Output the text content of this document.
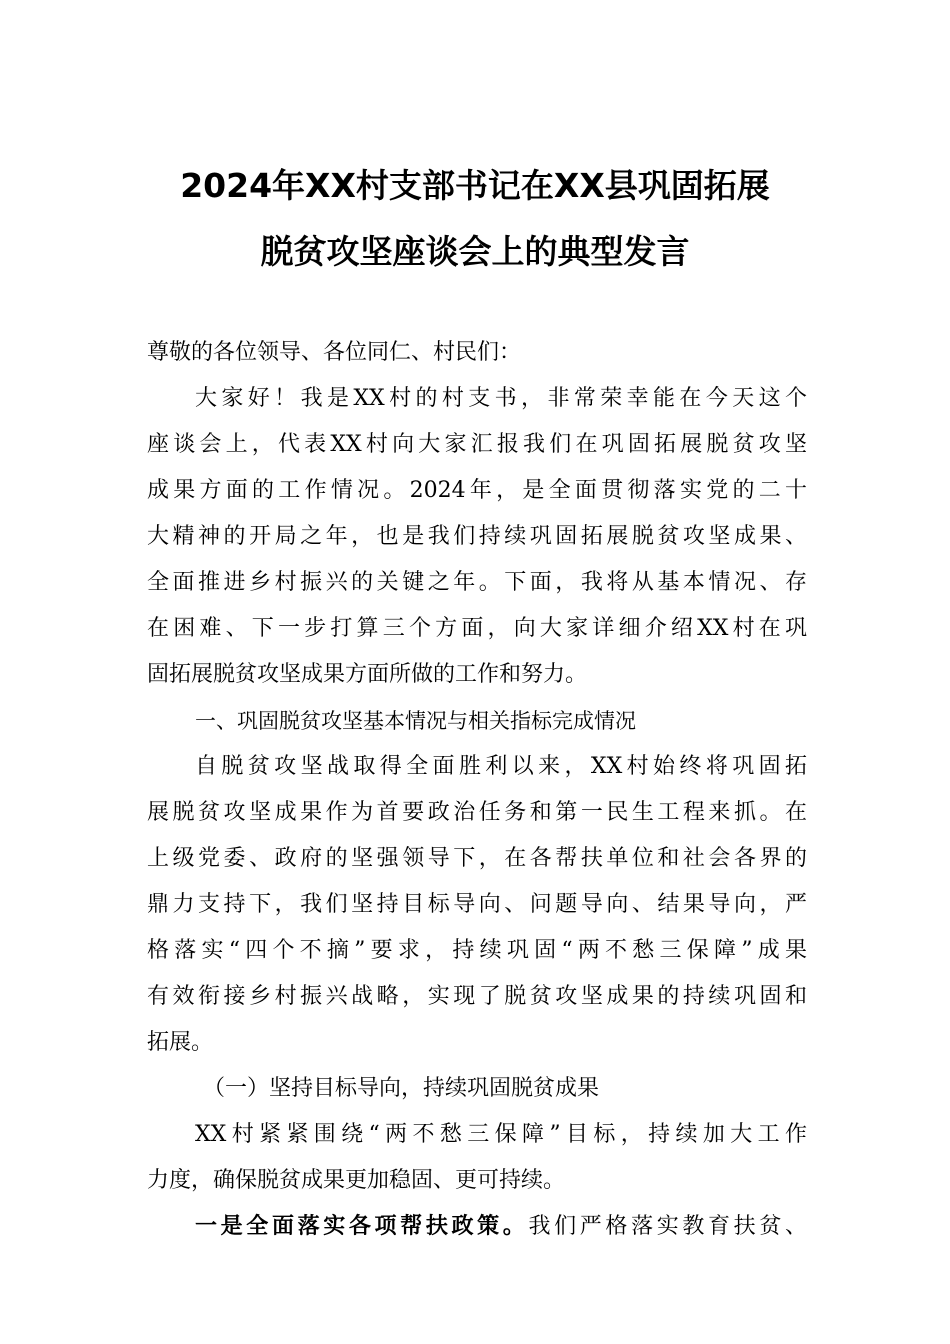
2024年XX村支部书记在XX县巩固拓展
脱贫攻坚座谈会上的典型发言
尊敬的各位领导、各位同仁、村民们：
大家好！我是XX村的村支书，非常荣幸能在今天这个
座谈会上，代表XX村向大家汇报我们在巩固拓展脱贫攻坚
成果方面的工作情况。2024年，是全面贯彻落实党的二十
大精神的开局之年，也是我们持续巩固拓展脱贫攻坚成果、
全面推进乡村振兴的关键之年。下面，我将从基本情况、存
在困难、下一步打算三个方面，向大家详细介绍XX村在巩
固拓展脱贫攻坚成果方面所做的工作和努力。
一、巩固脱贫攻坚基本情况与相关指标完成情况
自脱贫攻坚战取得全面胜利以来，XX村始终将巩固拓
展脱贫攻坚成果作为首要政治任务和第一民生工程来抓。在
上级党委、政府的坚强领导下，在各帮扶单位和社会各界的
鼎力支持下，我们坚持目标导向、问题导向、结果导向，严
格落实“四个不摘”要求，持续巩固“两不愁三保障”成果
有效衔接乡村振兴战略，实现了脱贫攻坚成果的持续巩固和
拓展。
（一）坚持目标导向，持续巩固脱贫成果
XX村紧紧围绕“两不愁三保障”目标，持续加大工作
力度，确保脱贫成果更加稳固、更可持续。
一是全面落实各项帮扶政策。我们严格落实教育扶贫、
